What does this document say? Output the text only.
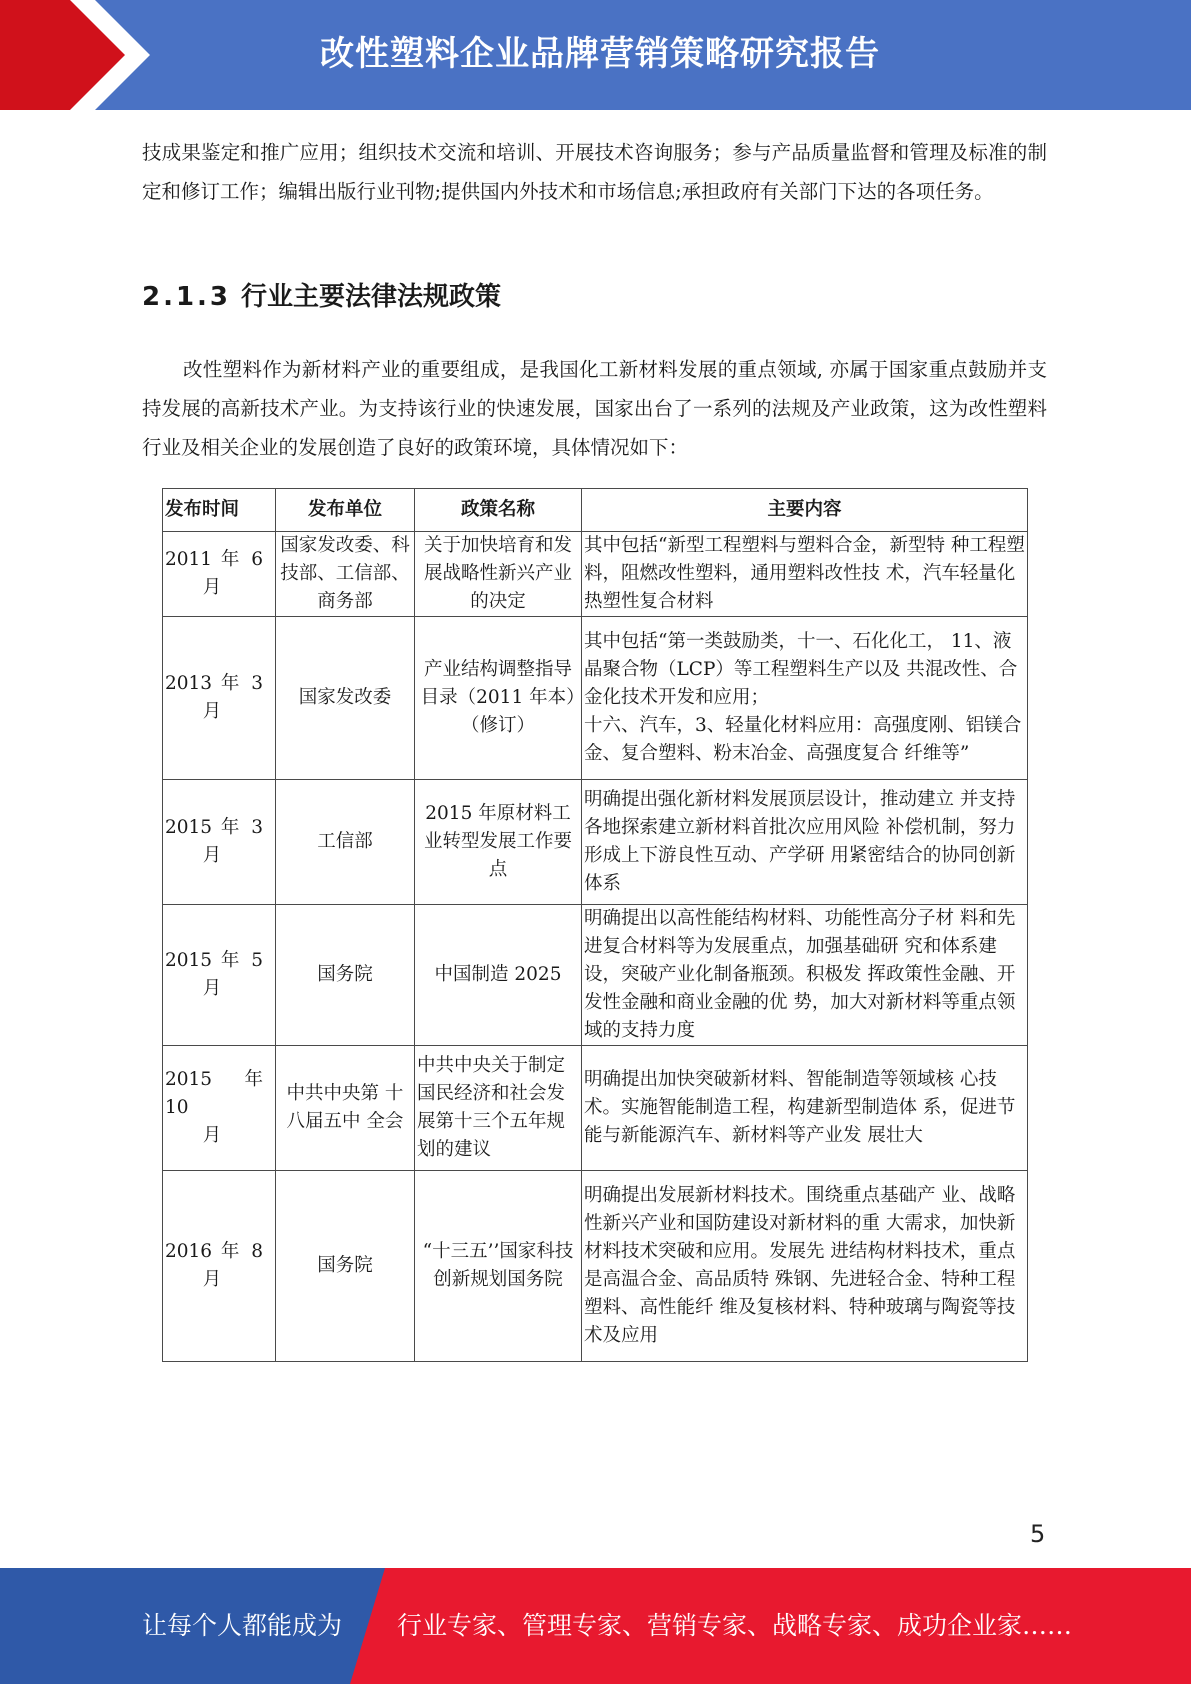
改性塑料企业品牌营销策略研究报告

技成果鉴定和推广应用；组织技术交流和培训、开展技术咨询服务；参与产品质量监督和管理及标准的制定和修订工作；编辑出版行业刊物;提供国内外技术和市场信息;承担政府有关部门下达的各项任务。

2.1.3 行业主要法律法规政策

改性塑料作为新材料产业的重要组成，是我国化工新材料发展的重点领域, 亦属于国家重点鼓励并支持发展的高新技术产业。为支持该行业的快速发展，国家出台了一系列的法规及产业政策，这为改性塑料行业及相关企业的发展创造了良好的政策环境，具体情况如下：

发布时间	发布单位	政策名称	主要内容

2011 年 6
月	国家发改委、科技部、工信部、商务部	关于加快培育和发展战略性新兴产业的决定	其中包括“新型工程塑料与塑料合金，新型特 种工程塑料，阻燃改性塑料，通用塑料改性技 术，汽车轻量化热塑性复合材料

2013 年 3
月	国家发改委	产业结构调整指导目录（2011 年本）（修订）	其中包括“第一类鼓励类，十一、石化化工， 11、液晶聚合物（LCP）等工程塑料生产以及 共混改性、合金化技术开发和应用；
十六、汽车，3、轻量化材料应用：高强度刚、铝镁合金、复合塑料、粉末冶金、高强度复合 纤维等”

2015 年 3
月	工信部	2015 年原材料工业转型发展工作要点	明确提出强化新材料发展顶层设计，推动建立 并支持各地探索建立新材料首批次应用风险 补偿机制，努力形成上下游良性互动、产学研 用紧密结合的协同创新体系

2015 年 5
月	国务院	中国制造 2025	明确提出以高性能结构材料、功能性高分子材 料和先进复合材料等为发展重点，加强基础研 究和体系建设，突破产业化制备瓶颈。积极发 挥政策性金融、开发性金融和商业金融的优 势，加大对新材料等重点领域的支持力度

2015 年 10
月	中共中央第 十八届五中 全会	中共中央关于制定国民经济和社会发展第十三个五年规划的建议	明确提出加快突破新材料、智能制造等领域核 心技术。实施智能制造工程，构建新型制造体 系，促进节能与新能源汽车、新材料等产业发 展壮大

2016 年 8
月	国务院	“十三五’’国家科技创新规划国务院	明确提出发展新材料技术。围绕重点基础产 业、战略性新兴产业和国防建设对新材料的重 大需求，加快新材料技术突破和应用。发展先 进结构材料技术，重点是高温合金、高品质特 殊钢、先进轻合金、特种工程塑料、高性能纤 维及复核材料、特种玻璃与陶瓷等技术及应用
5
让每个人都能成为 行业专家、管理专家、营销专家、战略专家、成功企业家……
